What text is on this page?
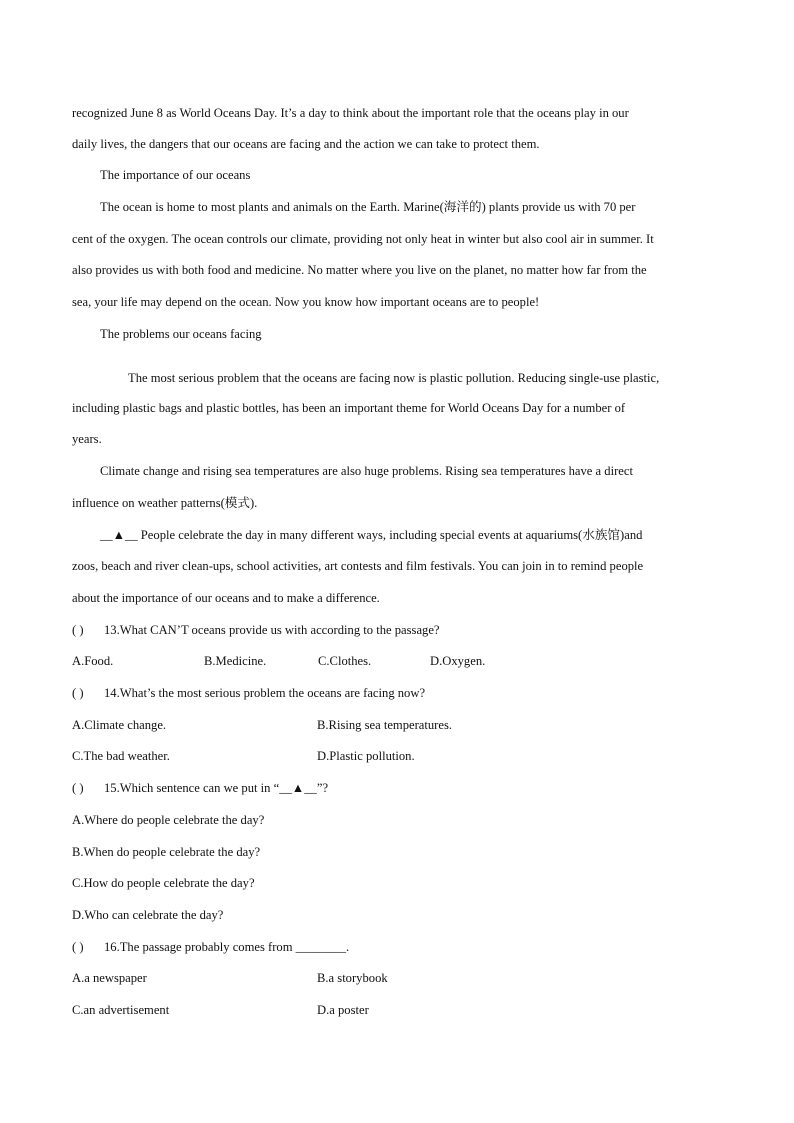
recognized June 8 as World Oceans Day. It’s a day to think about the important role that the oceans play in our
daily lives, the dangers that our oceans are facing and the action we can take to protect them.
The importance of our oceans
The ocean is home to most plants and animals on the Earth. Marine(海洋的) plants provide us with 70 per
cent of the oxygen. The ocean controls our climate, providing not only heat in winter but also cool air in summer. It
also provides us with both food and medicine. No matter where you live on the planet, no matter how far from the
sea, your life may depend on the ocean. Now you know how important oceans are to people!
The problems our oceans facing
The most serious problem that the oceans are facing now is plastic pollution. Reducing single-use plastic,
including plastic bags and plastic bottles, has been an important theme for World Oceans Day for a number of
years.
Climate change and rising sea temperatures are also huge problems. Rising sea temperatures have a direct
influence on weather patterns(模式).
__▲__ People celebrate the day in many different ways, including special events at aquariums(水族馆)and
zoos, beach and river clean-ups, school activities, art contests and film festivals. You can join in to remind people
about the importance of our oceans and to make a difference.
( ) 13.What CAN’T oceans provide us with according to the passage?
A.Food.	B.Medicine.	C.Clothes.	D.Oxygen.
( ) 14.What’s the most serious problem the oceans are facing now?
A.Climate change.	B.Rising sea temperatures.
C.The bad weather.	D.Plastic pollution.
( ) 15.Which sentence can we put in “__▲__”?
A.Where do people celebrate the day?
B.When do people celebrate the day?
C.How do people celebrate the day?
D.Who can celebrate the day?
( ) 16.The passage probably comes from ________.
A.a newspaper	B.a storybook
C.an advertisement	D.a poster
